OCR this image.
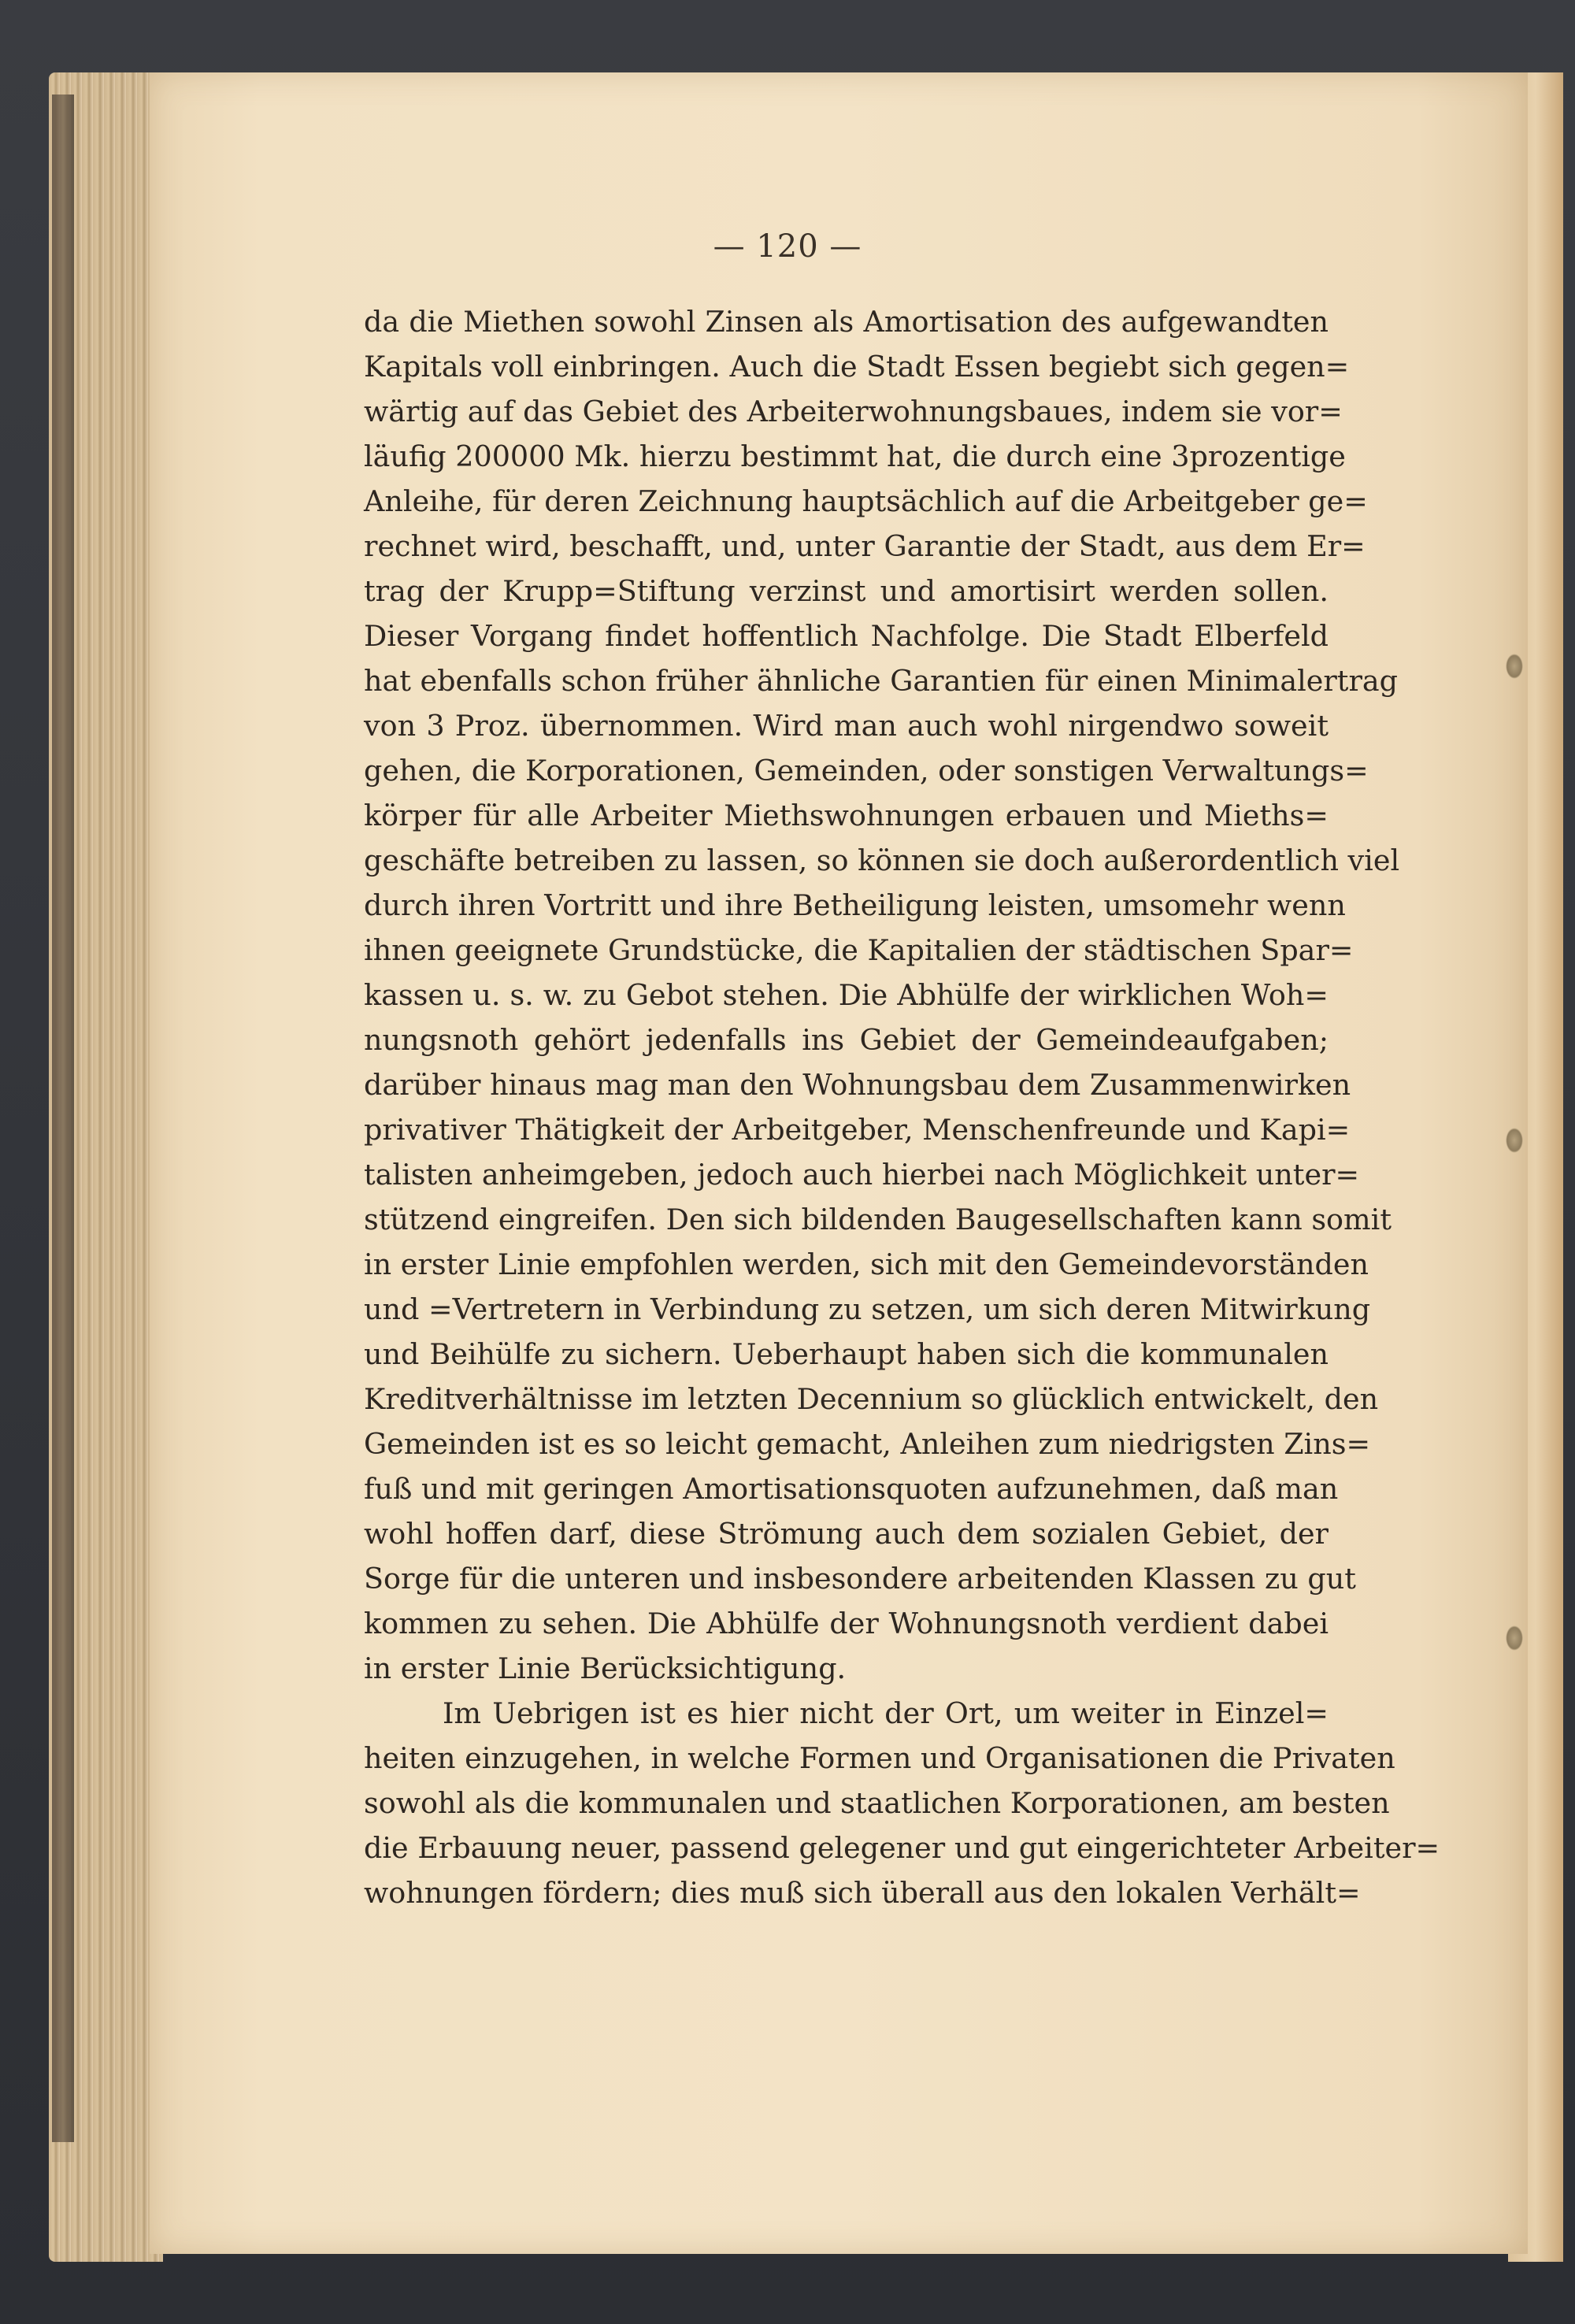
— 120 —
da die Miethen sowohl Zinsen als Amortisation des aufgewandten
Kapitals voll einbringen. Auch die Stadt Essen begiebt sich gegen=
wärtig auf das Gebiet des Arbeiterwohnungsbaues, indem sie vor=
läufig 200000 Mk. hierzu bestimmt hat, die durch eine 3prozentige
Anleihe, für deren Zeichnung hauptsächlich auf die Arbeitgeber ge=
rechnet wird, beschafft, und, unter Garantie der Stadt, aus dem Er=
trag der Krupp=Stiftung verzinst und amortisirt werden sollen.
Dieser Vorgang findet hoffentlich Nachfolge. Die Stadt Elberfeld
hat ebenfalls schon früher ähnliche Garantien für einen Minimalertrag
von 3 Proz. übernommen. Wird man auch wohl nirgendwo soweit
gehen, die Korporationen, Gemeinden, oder sonstigen Verwaltungs=
körper für alle Arbeiter Miethswohnungen erbauen und Mieths=
geschäfte betreiben zu lassen, so können sie doch außerordentlich viel
durch ihren Vortritt und ihre Betheiligung leisten, umsomehr wenn
ihnen geeignete Grundstücke, die Kapitalien der städtischen Spar=
kassen u. s. w. zu Gebot stehen. Die Abhülfe der wirklichen Woh=
nungsnoth gehört jedenfalls ins Gebiet der Gemeindeaufgaben;
darüber hinaus mag man den Wohnungsbau dem Zusammenwirken
privativer Thätigkeit der Arbeitgeber, Menschenfreunde und Kapi=
talisten anheimgeben, jedoch auch hierbei nach Möglichkeit unter=
stützend eingreifen. Den sich bildenden Baugesellschaften kann somit
in erster Linie empfohlen werden, sich mit den Gemeindevorständen
und =Vertretern in Verbindung zu setzen, um sich deren Mitwirkung
und Beihülfe zu sichern. Ueberhaupt haben sich die kommunalen
Kreditverhältnisse im letzten Decennium so glücklich entwickelt, den
Gemeinden ist es so leicht gemacht, Anleihen zum niedrigsten Zins=
fuß und mit geringen Amortisationsquoten aufzunehmen, daß man
wohl hoffen darf, diese Strömung auch dem sozialen Gebiet, der
Sorge für die unteren und insbesondere arbeitenden Klassen zu gut
kommen zu sehen. Die Abhülfe der Wohnungsnoth verdient dabei
in erster Linie Berücksichtigung.
Im Uebrigen ist es hier nicht der Ort, um weiter in Einzel=
heiten einzugehen, in welche Formen und Organisationen die Privaten
sowohl als die kommunalen und staatlichen Korporationen, am besten
die Erbauung neuer, passend gelegener und gut eingerichteter Arbeiter=
wohnungen fördern; dies muß sich überall aus den lokalen Verhält=
